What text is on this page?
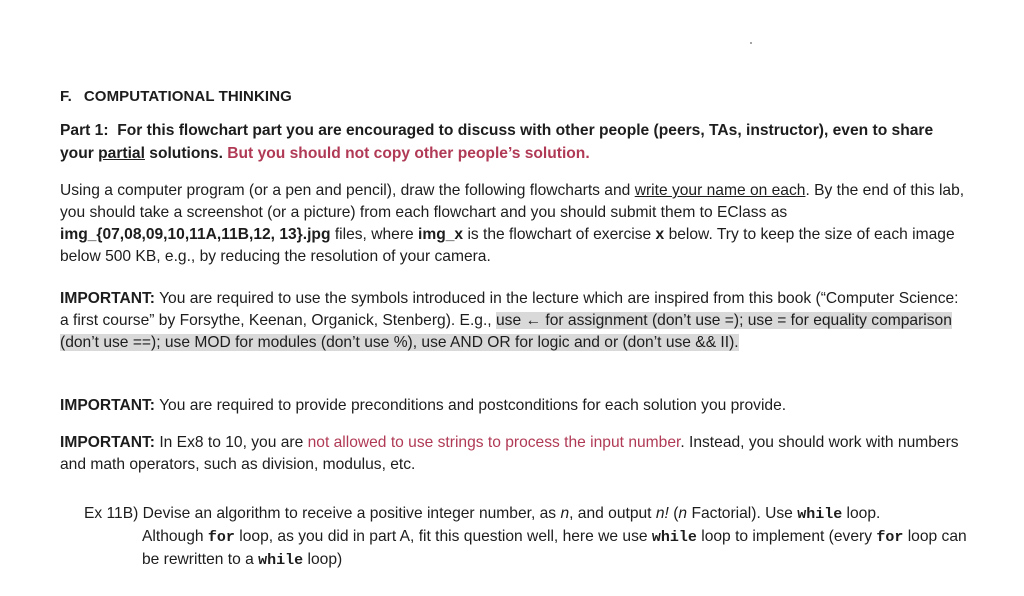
F. COMPUTATIONAL THINKING
Part 1: For this flowchart part you are encouraged to discuss with other people (peers, TAs, instructor), even to share your partial solutions. But you should not copy other people’s solution.
Using a computer program (or a pen and pencil), draw the following flowcharts and write your name on each. By the end of this lab, you should take a screenshot (or a picture) from each flowchart and you should submit them to EClass as img_{07,08,09,10,11A,11B,12, 13}.jpg files, where img_x is the flowchart of exercise x below. Try to keep the size of each image below 500 KB, e.g., by reducing the resolution of your camera.
IMPORTANT: You are required to use the symbols introduced in the lecture which are inspired from this book (“Computer Science: a first course” by Forsythe, Keenan, Organick, Stenberg). E.g., use ← for assignment (don’t use =); use = for equality comparison (don’t use ==); use MOD for modules (don’t use %), use AND OR for logic and or (don’t use && II).
IMPORTANT: You are required to provide preconditions and postconditions for each solution you provide.
IMPORTANT: In Ex8 to 10, you are not allowed to use strings to process the input number. Instead, you should work with numbers and math operators, such as division, modulus, etc.
Ex 11B) Devise an algorithm to receive a positive integer number, as n, and output n! (n Factorial). Use while loop.
Although for loop, as you did in part A, fit this question well, here we use while loop to implement (every for loop can be rewritten to a while loop)
